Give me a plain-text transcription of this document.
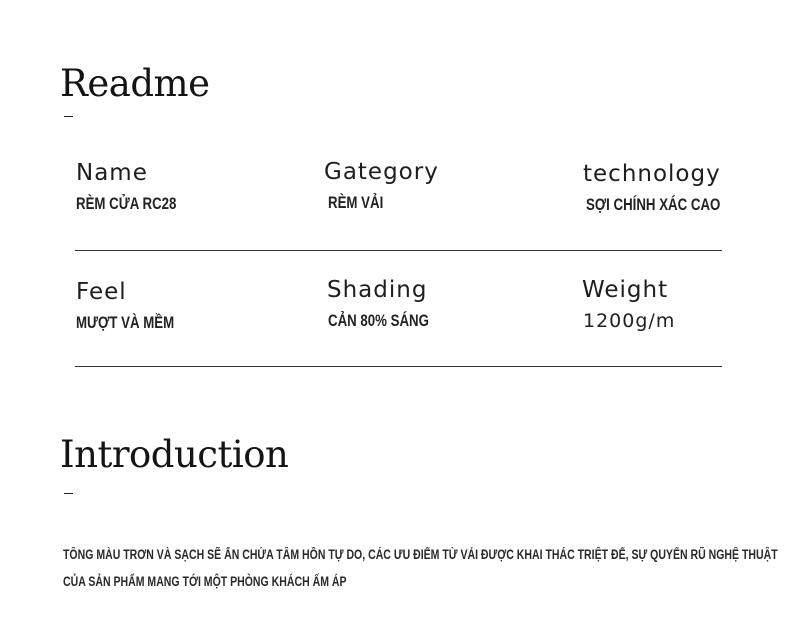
Readme
Name
RÈM CỬA RC28
Gategory
RÈM VẢI
technology
SỢI CHÍNH XÁC CAO
Feel
MƯỢT VÀ MỀM
Shading
CẢN 80% SÁNG
Weight
1200g/m
Introduction
TÔNG MÀU TRƠN VÀ SẠCH SẼ ẨN CHỨA TÂM HỒN TỰ DO, CÁC ƯU ĐIỂM TỪ VẢI ĐƯỢC KHAI THÁC TRIỆT ĐỂ, SỰ QUYẾN RŨ NGHỆ THUẬT
CỦA SẢN PHẨM MANG TỚI MỘT PHÒNG KHÁCH ẤM ÁP
